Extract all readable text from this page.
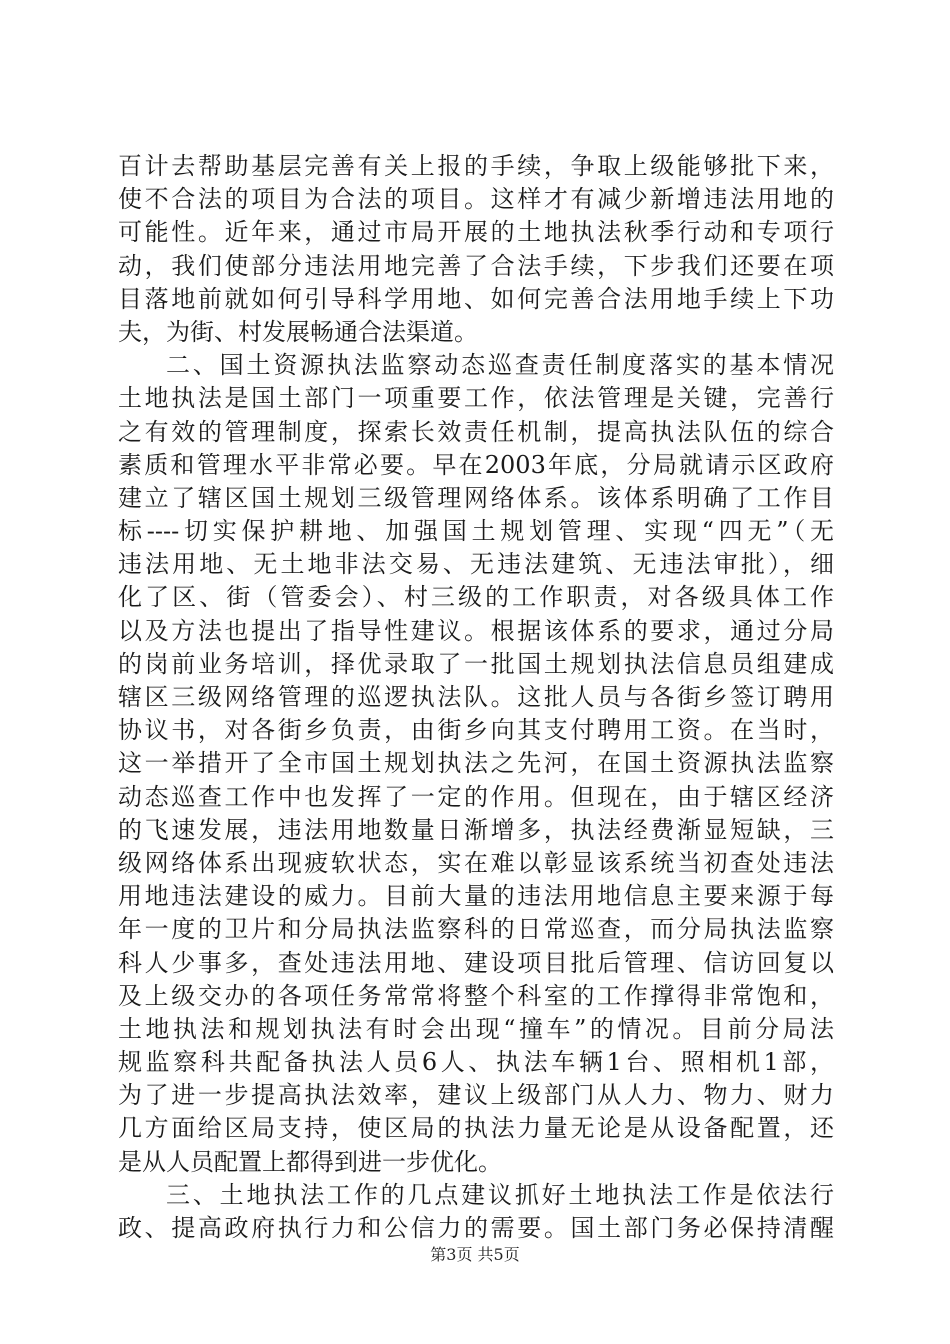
百计去帮助基层完善有关上报的手续，争取上级能够批下来，
使不合法的项目为合法的项目。这样才有减少新增违法用地的
可能性。近年来，通过市局开展的土地执法秋季行动和专项行
动，我们使部分违法用地完善了合法手续，下步我们还要在项
目落地前就如何引导科学用地、如何完善合法用地手续上下功
夫，为街、村发展畅通合法渠道。
二、国土资源执法监察动态巡查责任制度落实的基本情况
土地执法是国土部门一项重要工作，依法管理是关键，完善行
之有效的管理制度，探索长效责任机制，提高执法队伍的综合
素质和管理水平非常必要。早在2003年底，分局就请示区政府
建立了辖区国土规划三级管理网络体系。该体系明确了工作目
标----切实保护耕地、加强国土规划管理、实现“四无”（无
违法用地、无土地非法交易、无违法建筑、无违法审批），细
化了区、街（管委会）、村三级的工作职责，对各级具体工作
以及方法也提出了指导性建议。根据该体系的要求，通过分局
的岗前业务培训，择优录取了一批国土规划执法信息员组建成
辖区三级网络管理的巡逻执法队。这批人员与各街乡签订聘用
协议书，对各街乡负责，由街乡向其支付聘用工资。在当时，
这一举措开了全市国土规划执法之先河，在国土资源执法监察
动态巡查工作中也发挥了一定的作用。但现在，由于辖区经济
的飞速发展，违法用地数量日渐增多，执法经费渐显短缺，三
级网络体系出现疲软状态，实在难以彰显该系统当初查处违法
用地违法建设的威力。目前大量的违法用地信息主要来源于每
年一度的卫片和分局执法监察科的日常巡查，而分局执法监察
科人少事多，查处违法用地、建设项目批后管理、信访回复以
及上级交办的各项任务常常将整个科室的工作撑得非常饱和，
土地执法和规划执法有时会出现“撞车”的情况。目前分局法
规监察科共配备执法人员6人、执法车辆1台、照相机1部，
为了进一步提高执法效率，建议上级部门从人力、物力、财力
几方面给区局支持，使区局的执法力量无论是从设备配置，还
是从人员配置上都得到进一步优化。
三、土地执法工作的几点建议抓好土地执法工作是依法行
政、提高政府执行力和公信力的需要。国土部门务必保持清醒
第3页 共5页
